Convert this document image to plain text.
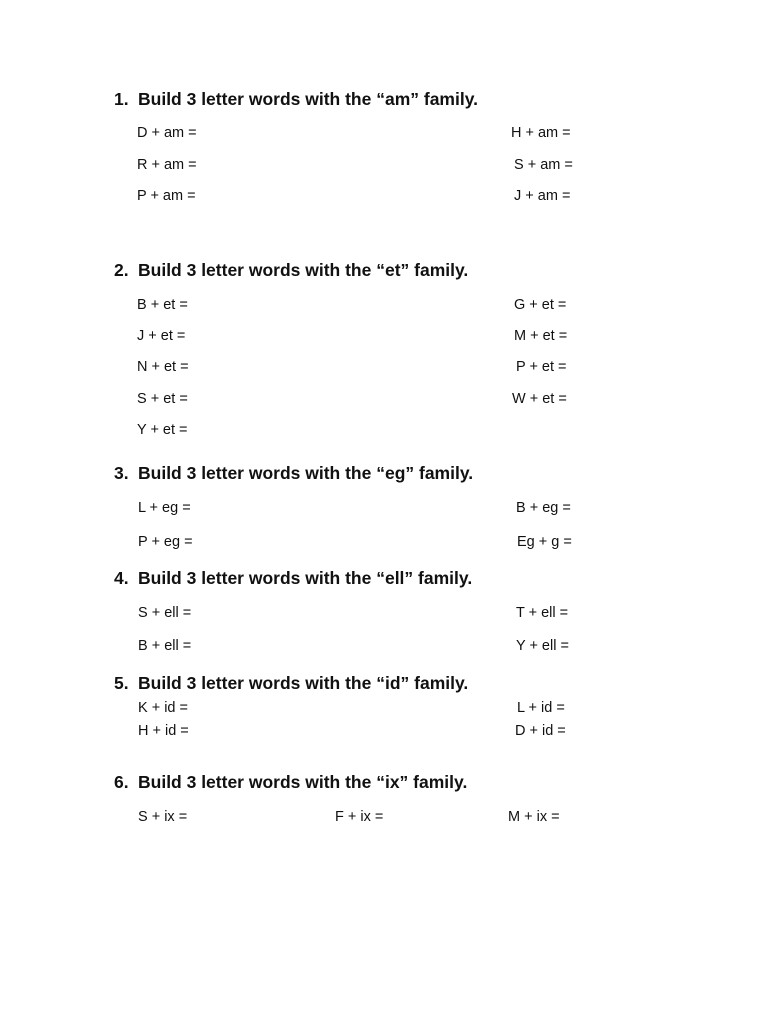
1. Build 3 letter words with the “am” family.
D + am =	H + am =
R + am =	S + am =
P + am =	J + am =
2. Build 3 letter words with the “et” family.
B + et =	G + et =
J + et =	M + et =
N + et =	P + et =
S + et =	W + et =
Y + et =
3. Build 3 letter words with the “eg” family.
L + eg =	B + eg =
P + eg =	Eg + g =
4. Build 3 letter words with the “ell” family.
S + ell =	T + ell =
B + ell =	Y + ell =
5. Build 3 letter words with the “id” family.
K + id =	L + id =
H + id =	D + id =
6. Build 3 letter words with the “ix” family.
S + ix =	F + ix =	M + ix =
